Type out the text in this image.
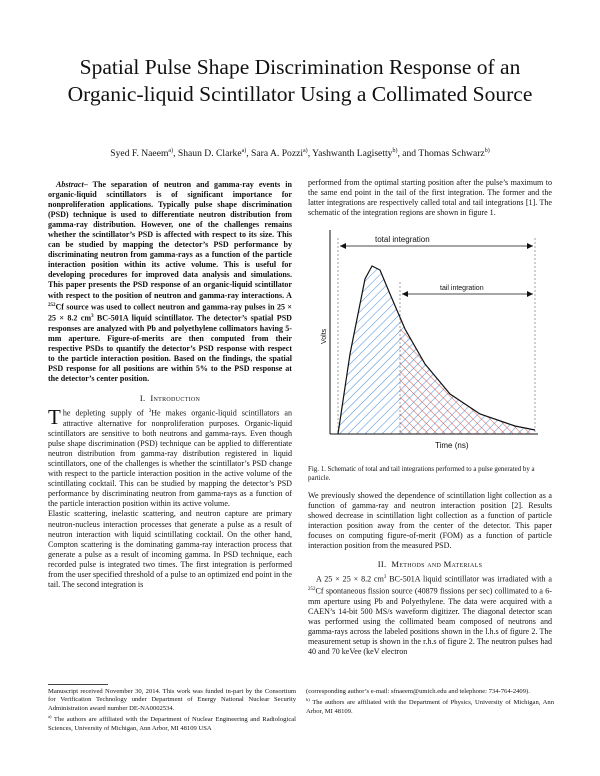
Spatial Pulse Shape Discrimination Response of an Organic-liquid Scintillator Using a Collimated Source
Syed F. Naeem$^{a)}$, Shaun D. Clarke$^{a)}$, Sara A. Pozzi$^{a)}$, Yashwanth Lagisetty$^{b)}$, and Thomas Schwarz$^{b)}$

Abstract– The separation of neutron and gamma-ray events in organic-liquid scintillators is of significant importance for nonproliferation applications. Typically pulse shape discrimination (PSD) technique is used to differentiate neutron distribution from gamma-ray distribution. However, one of the challenges remains whether the scintillator’s PSD is affected with respect to its size. This can be studied by mapping the detector’s PSD performance by discriminating neutron from gamma-rays as a function of the particle interaction position within its active volume. This is useful for developing procedures for improved data analysis and simulations. This paper presents the PSD response of an organic-liquid scintillator with respect to the position of neutron and gamma-ray interactions. A $^{252}$Cf source was used to collect neutron and gamma-ray pulses in 25 × 25 × 8.2 $cm^3$ BC-501A liquid scintillator. The detector’s spatial PSD responses are analyzed with Pb and polyethylene collimators having 5-mm aperture. Figure-of-merits are then computed from their respective PSDs to quantify the detector’s PSD response with respect to the particle interaction position. Based on the findings, the spatial PSD response for all positions are within 5% to the PSD response at the detector’s center position.

I. Introduction

The depleting supply of $^3$He makes organic-liquid scintillators an attractive alternative for nonproliferation purposes. Organic-liquid scintillators are sensitive to both neutrons and gamma-rays. Even though pulse shape discrimination (PSD) technique can be applied to differentiate neutron distribution from gamma-ray distribution registered in liquid scintillators, one of the challenges is whether the scintillator’s PSD change with respect to the particle interaction position in the active volume of the scintillating cocktail. This can be studied by mapping the detector’s PSD performance by discriminating neutron from gamma-rays as a function of the particle interaction position within its active volume.

Elastic scattering, inelastic scattering, and neutron capture are primary neutron-nucleus interaction processes that generate a pulse as a result of neutron interaction with liquid scintillating cocktail. On the other hand, Compton scattering is the dominating gamma-ray interaction process that generate a pulse as a result of incoming gamma. In PSD technique, each recorded pulse is integrated two times. The first integration is performed from the user specified threshold of a pulse to an optimized end point in the tail. The second integration is

performed from the optimal starting position after the pulse’s maximum to the same end point in the tail of the first integration. The former and the latter integrations are respectively called total and tail integrations [1]. The schematic of the integration regions are shown in figure 1.

total integration
tail integration
Volts
Time (ns)
Fig. 1. Schematic of total and tail integrations performed to a pulse generated by a particle.

We previously showed the dependence of scintillation light collection as a function of gamma-ray and neutron interaction position [2]. Results showed decrease in scintillation light collection as a function of particle interaction position away from the center of the detector. This paper focuses on computing figure-of-merit (FOM) as a function of particle interaction position from the measured PSD.

II. Methods and Materials

A 25 × 25 × 8.2 $cm^3$ BC-501A liquid scintillator was irradiated with a $^{252}$Cf spontaneous fission source (40879 fissions per sec) collimated to a 6-mm aperture using Pb and Polyethylene. The data were acquired with a CAEN’s 14-bit 500 MS/s waveform digitizer. The diagonal detector scan was performed using the collimated beam composed of neutrons and gamma-rays across the labeled positions shown in the l.h.s of figure 2. The measurement setup is shown in the r.h.s of figure 2. The neutron pulses had 40 and 70 keVee (keV electron

Manuscript received November 30, 2014. This work was funded in-part by the Consortium for Verification Technology under Department of Energy National Nuclear Security Administration award number DE-NA0002534.
$^{a)}$ The authors are affiliated with the Department of Nuclear Engineering and Radiological Sciences, University of Michigan, Ann Arbor, MI 48109 USA
(corresponding author’s e-mail: sfnaeem@umich.edu and telephone: 734-764-2409).
$^{b)}$ The authors are affiliated with the Department of Physics, University of Michigan, Ann Arbor, MI 48109.
